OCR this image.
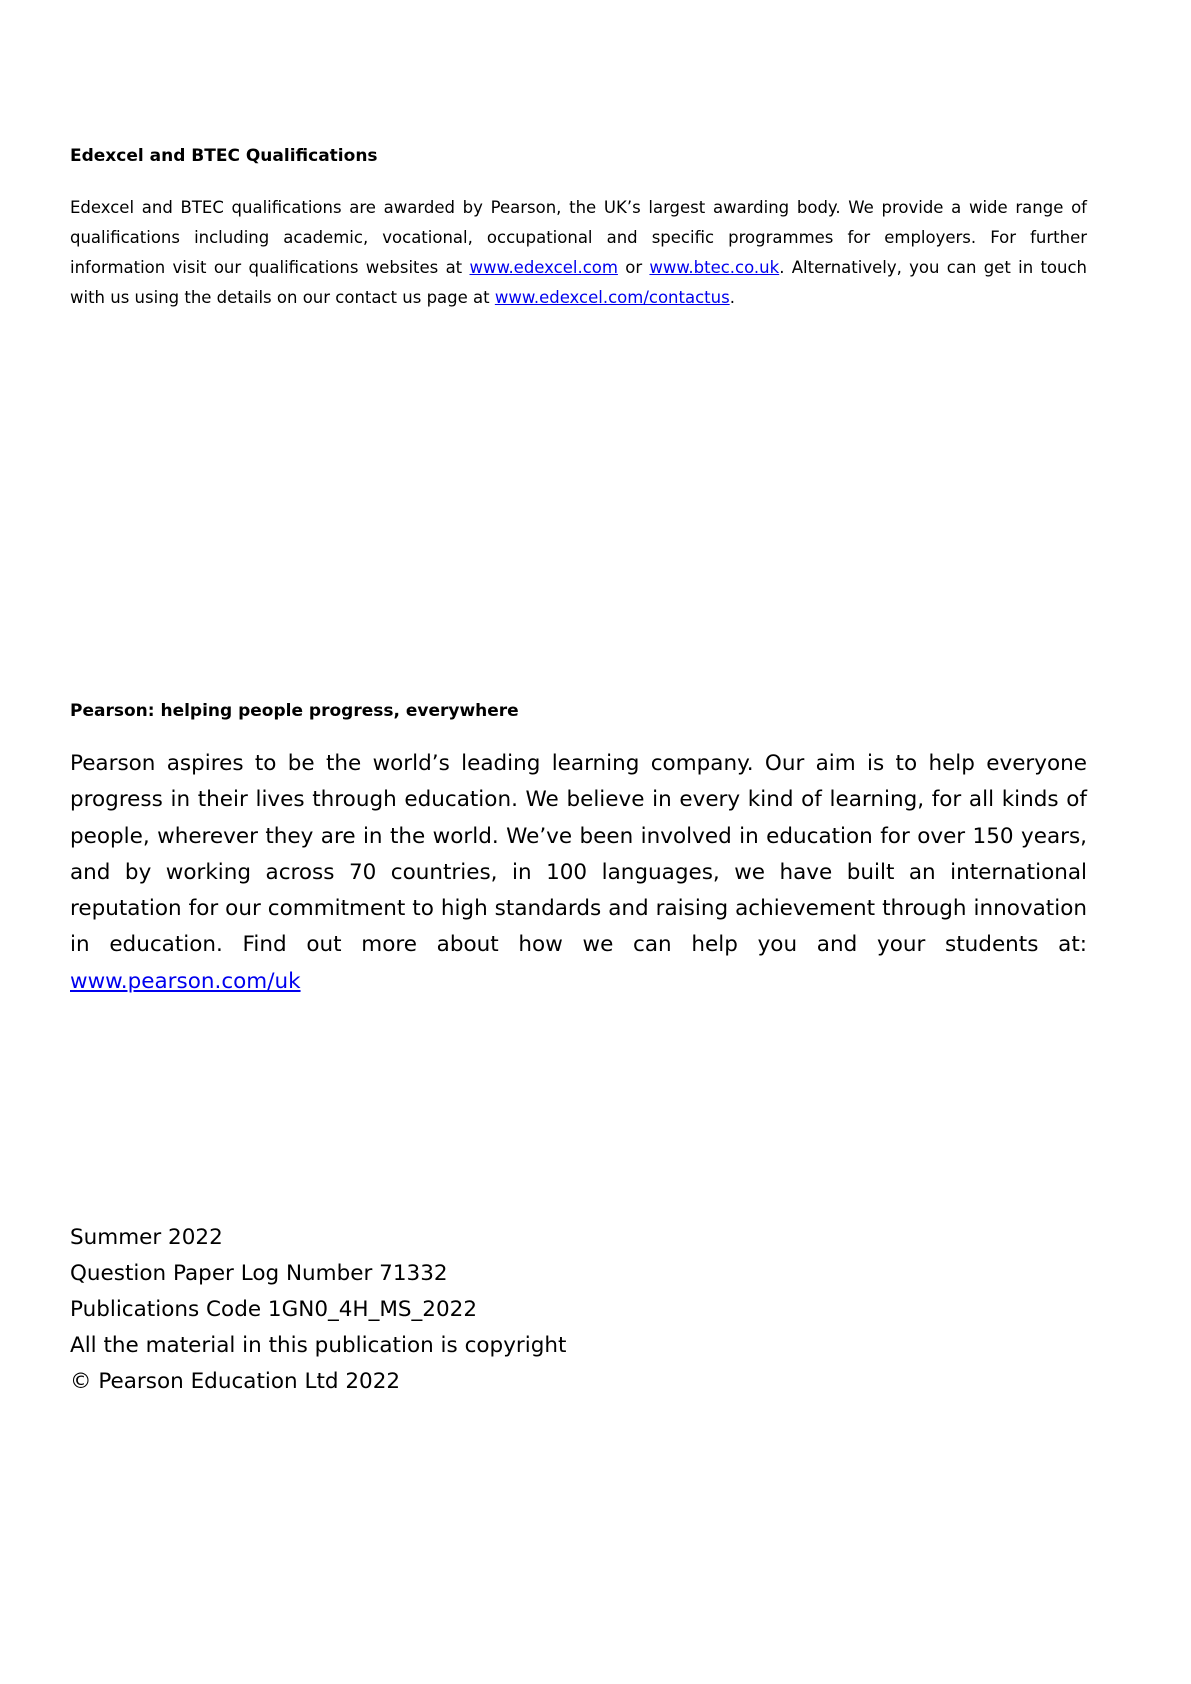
Edexcel and BTEC Qualifications

Edexcel and BTEC qualifications are awarded by Pearson, the UK’s largest awarding body. We provide a wide range of qualifications including academic, vocational, occupational and specific programmes for employers. For further information visit our qualifications websites at www.edexcel.com or www.btec.co.uk. Alternatively, you can get in touch with us using the details on our contact us page at www.edexcel.com/contactus.

Pearson: helping people progress, everywhere

Pearson aspires to be the world’s leading learning company. Our aim is to help everyone progress in their lives through education. We believe in every kind of learning, for all kinds of people, wherever they are in the world. We’ve been involved in education for over 150 years, and by working across 70 countries, in 100 languages, we have built an international reputation for our commitment to high standards and raising achievement through innovation in education. Find out more about how we can help you and your students at: www.pearson.com/uk

Summer 2022
Question Paper Log Number 71332
Publications Code 1GN0_4H_MS_2022
All the material in this publication is copyright
© Pearson Education Ltd 2022
